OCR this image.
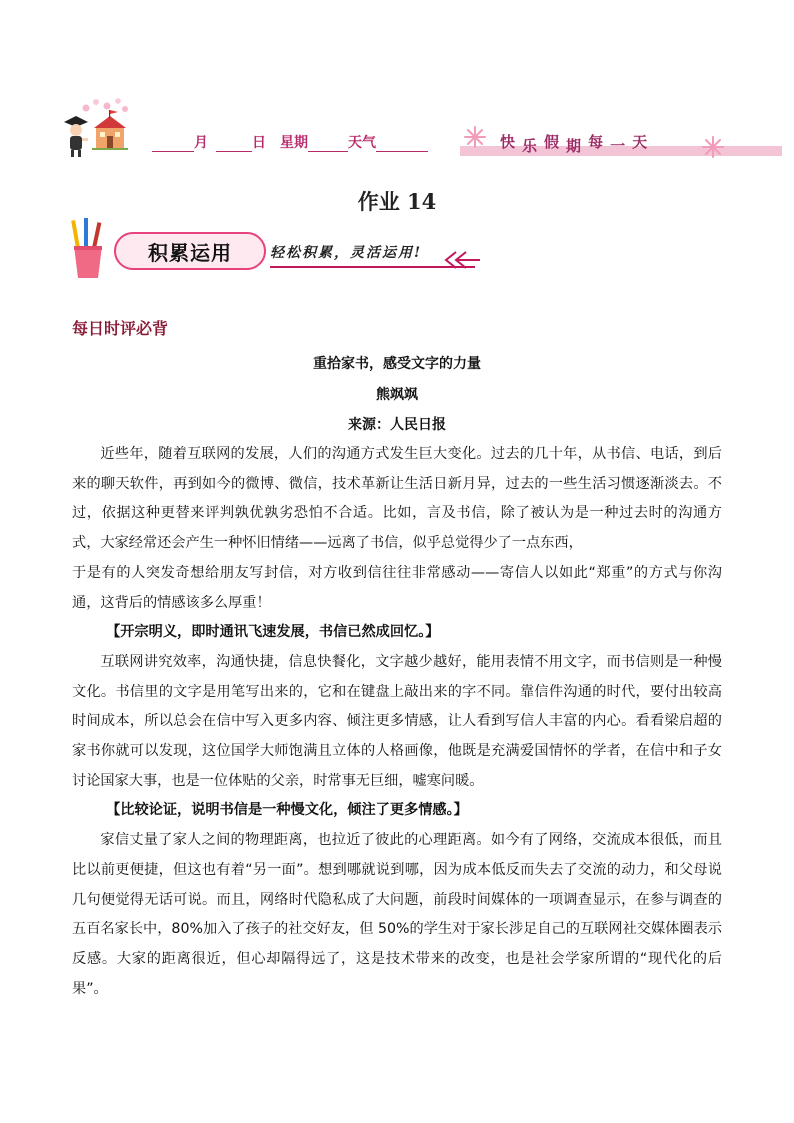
月	日 星期	天气	快 乐 假 期 每 一 天
作业 14
积累运用	轻松积累，灵活运用!
每日时评必背
重拾家书，感受文字的力量
熊飒飒
来源：人民日报

近些年，随着互联网的发展，人们的沟通方式发生巨大变化。过去的几十年，从书信、电话，到后来的聊天软件，再到如今的微博、微信，技术革新让生活日新月异，过去的一些生活习惯逐渐淡去。不过，依据这种更替来评判孰优孰劣恐怕不合适。比如，言及书信，除了被认为是一种过去时的沟通方式，大家经常还会产生一种怀旧情绪——远离了书信，似乎总觉得少了一点东西，

于是有的人突发奇想给朋友写封信，对方收到信往往非常感动——寄信人以如此“郑重”的方式与你沟通，这背后的情感该多么厚重！

【开宗明义，即时通讯飞速发展，书信已然成回忆。】

互联网讲究效率，沟通快捷，信息快餐化，文字越少越好，能用表情不用文字，而书信则是一种慢文化。书信里的文字是用笔写出来的，它和在键盘上敲出来的字不同。靠信件沟通的时代，要付出较高时间成本，所以总会在信中写入更多内容、倾注更多情感，让人看到写信人丰富的内心。看看梁启超的家书你就可以发现，这位国学大师饱满且立体的人格画像，他既是充满爱国情怀的学者，在信中和子女讨论国家大事，也是一位体贴的父亲，时常事无巨细，嘘寒问暖。

【比较论证，说明书信是一种慢文化，倾注了更多情感。】

家信丈量了家人之间的物理距离，也拉近了彼此的心理距离。如今有了网络，交流成本很低，而且比以前更便捷，但这也有着“另一面”。想到哪就说到哪，因为成本低反而失去了交流的动力，和父母说几句便觉得无话可说。而且，网络时代隐私成了大问题，前段时间媒体的一项调查显示，在参与调查的五百名家长中，80%加入了孩子的社交好友，但 50%的学生对于家长涉足自己的互联网社交媒体圈表示反感。大家的距离很近，但心却隔得远了，这是技术带来的改变，也是社会学家所谓的“现代化的后果”。
